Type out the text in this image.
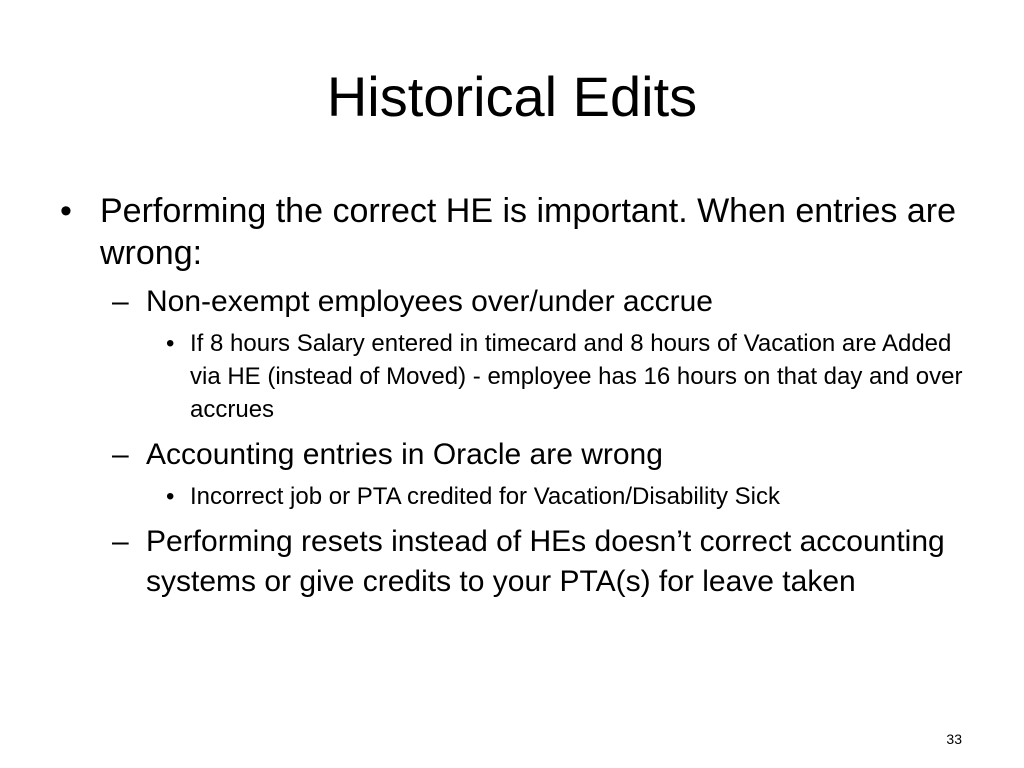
Historical Edits
• Performing the correct HE is important. When entries are wrong:
– Non-exempt employees over/under accrue
• If 8 hours Salary entered in timecard and 8 hours of Vacation are Added via HE (instead of Moved) - employee has 16 hours on that day and over accrues
– Accounting entries in Oracle are wrong
• Incorrect job or PTA credited for Vacation/Disability Sick
– Performing resets instead of HEs doesn’t correct accounting systems or give credits to your PTA(s) for leave taken
33
